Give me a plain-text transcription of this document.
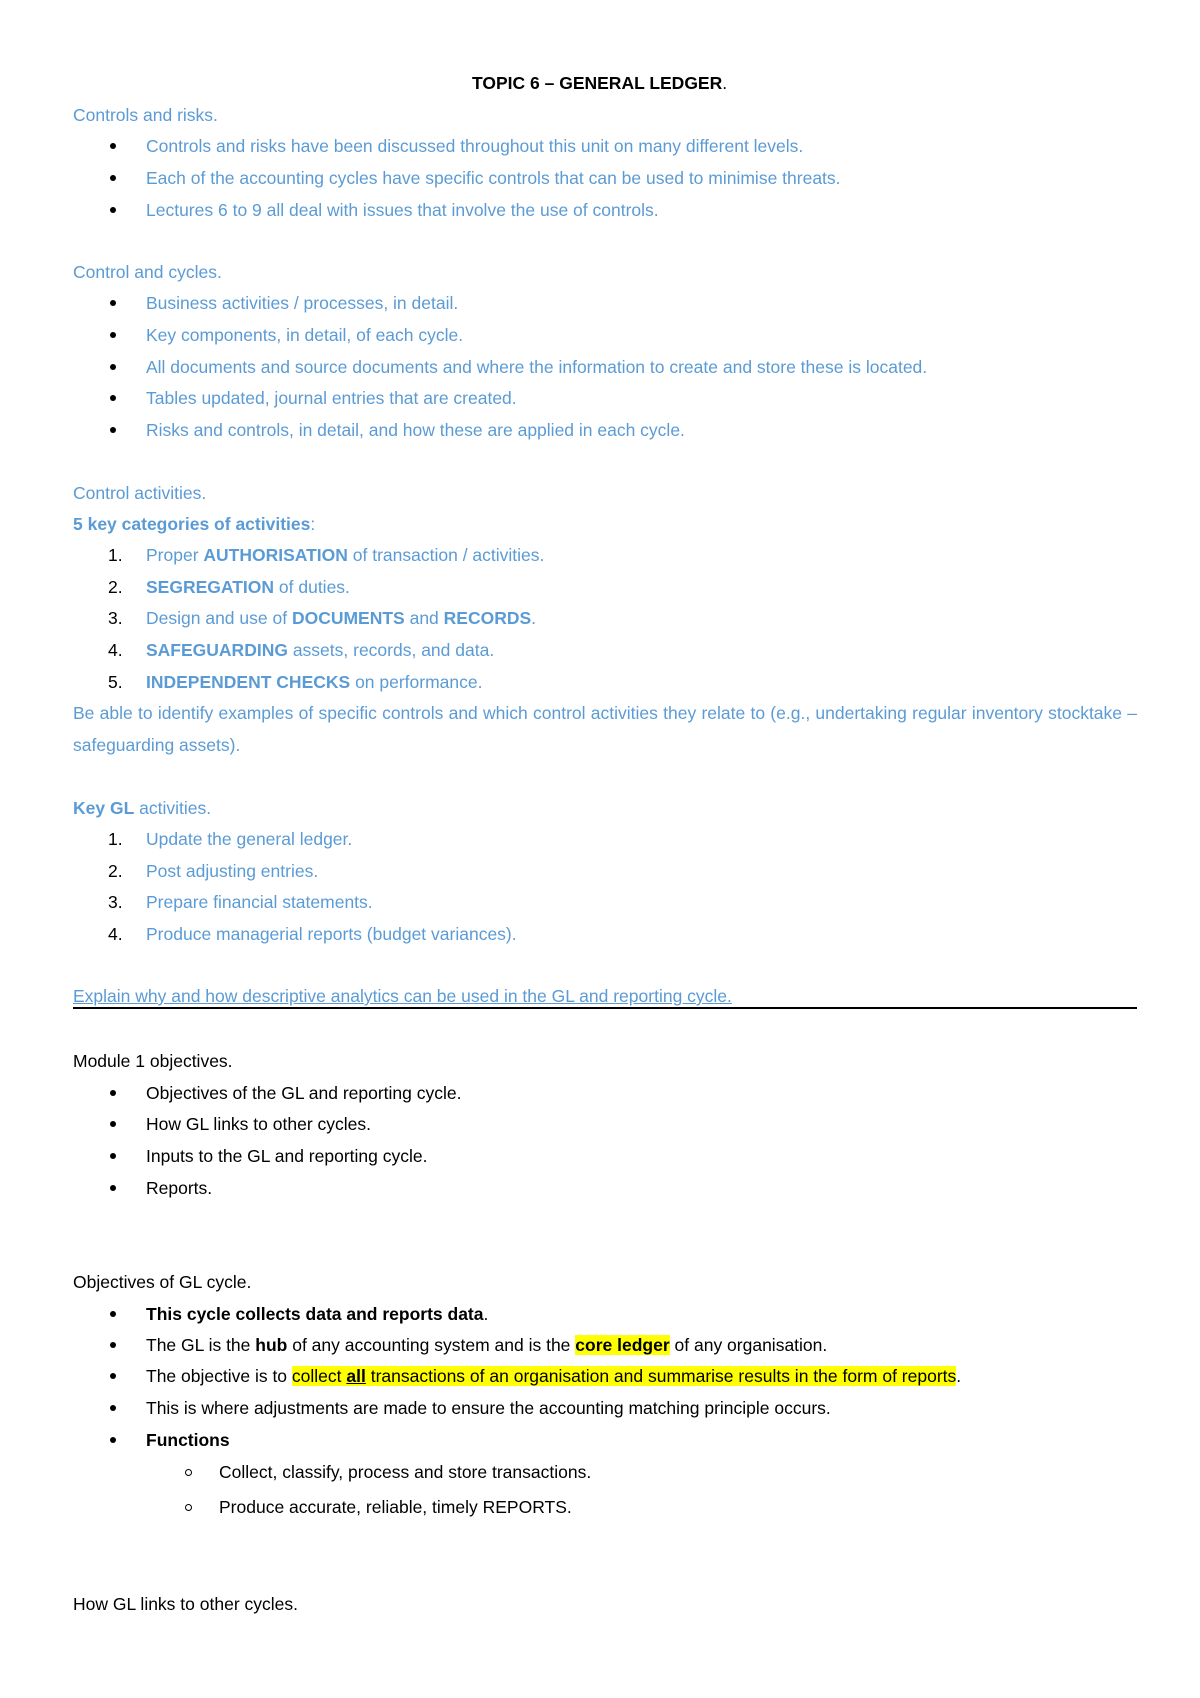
TOPIC 6 – GENERAL LEDGER.
Controls and risks.
Controls and risks have been discussed throughout this unit on many different levels.
Each of the accounting cycles have specific controls that can be used to minimise threats.
Lectures 6 to 9 all deal with issues that involve the use of controls.
Control and cycles.
Business activities / processes, in detail.
Key components, in detail, of each cycle.
All documents and source documents and where the information to create and store these is located.
Tables updated, journal entries that are created.
Risks and controls, in detail, and how these are applied in each cycle.
Control activities.
5 key categories of activities:
1. Proper AUTHORISATION of transaction / activities.
2. SEGREGATION of duties.
3. Design and use of DOCUMENTS and RECORDS.
4. SAFEGUARDING assets, records, and data.
5. INDEPENDENT CHECKS on performance.
Be able to identify examples of specific controls and which control activities they relate to (e.g., undertaking regular inventory stocktake – safeguarding assets).
Key GL activities.
1. Update the general ledger.
2. Post adjusting entries.
3. Prepare financial statements.
4. Produce managerial reports (budget variances).
Explain why and how descriptive analytics can be used in the GL and reporting cycle.
Module 1 objectives.
Objectives of the GL and reporting cycle.
How GL links to other cycles.
Inputs to the GL and reporting cycle.
Reports.
Objectives of GL cycle.
This cycle collects data and reports data.
The GL is the hub of any accounting system and is the core ledger of any organisation.
The objective is to collect all transactions of an organisation and summarise results in the form of reports.
This is where adjustments are made to ensure the accounting matching principle occurs.
Functions
Collect, classify, process and store transactions.
Produce accurate, reliable, timely REPORTS.
How GL links to other cycles.
